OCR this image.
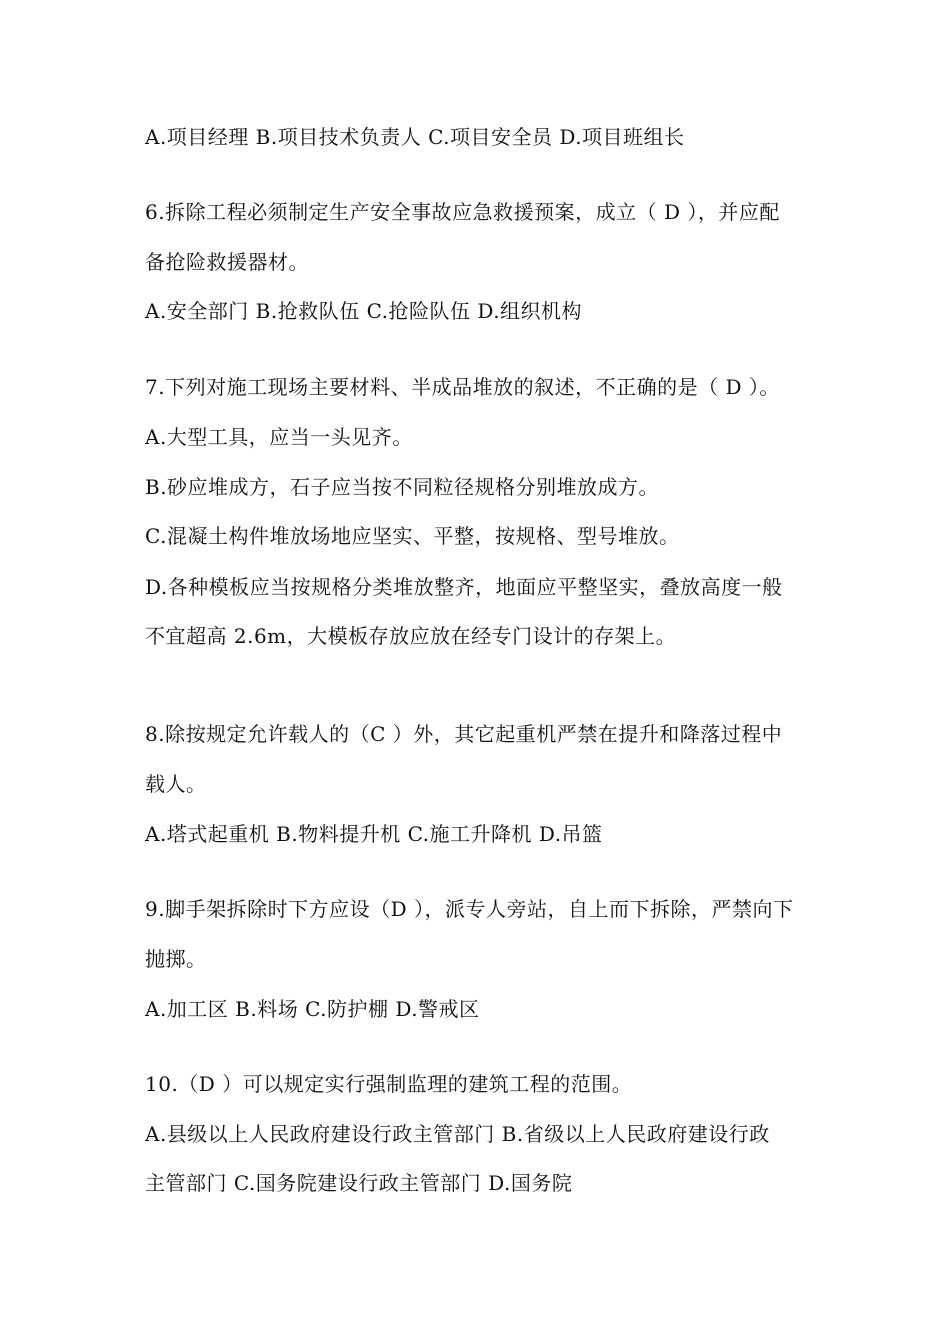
A.项目经理 B.项目技术负责人 C.项目安全员 D.项目班组长
6.拆除工程必须制定生产安全事故应急救援预案，成立（ D ），并应配
备抢险救援器材。
A.安全部门 B.抢救队伍 C.抢险队伍 D.组织机构
7.下列对施工现场主要材料、半成品堆放的叙述，不正确的是（ D ）。
A.大型工具，应当一头见齐。
B.砂应堆成方，石子应当按不同粒径规格分别堆放成方。
C.混凝土构件堆放场地应坚实、平整，按规格、型号堆放。
D.各种模板应当按规格分类堆放整齐，地面应平整坚实，叠放高度一般
不宜超高 2.6m，大模板存放应放在经专门设计的存架上。
8.除按规定允许载人的（C ）外，其它起重机严禁在提升和降落过程中
载人。
A.塔式起重机 B.物料提升机 C.施工升降机 D.吊篮
9.脚手架拆除时下方应设（D ），派专人旁站，自上而下拆除，严禁向下
抛掷。
A.加工区 B.料场 C.防护棚 D.警戒区
10.（D ）可以规定实行强制监理的建筑工程的范围。
A.县级以上人民政府建设行政主管部门 B.省级以上人民政府建设行政
主管部门 C.国务院建设行政主管部门 D.国务院
